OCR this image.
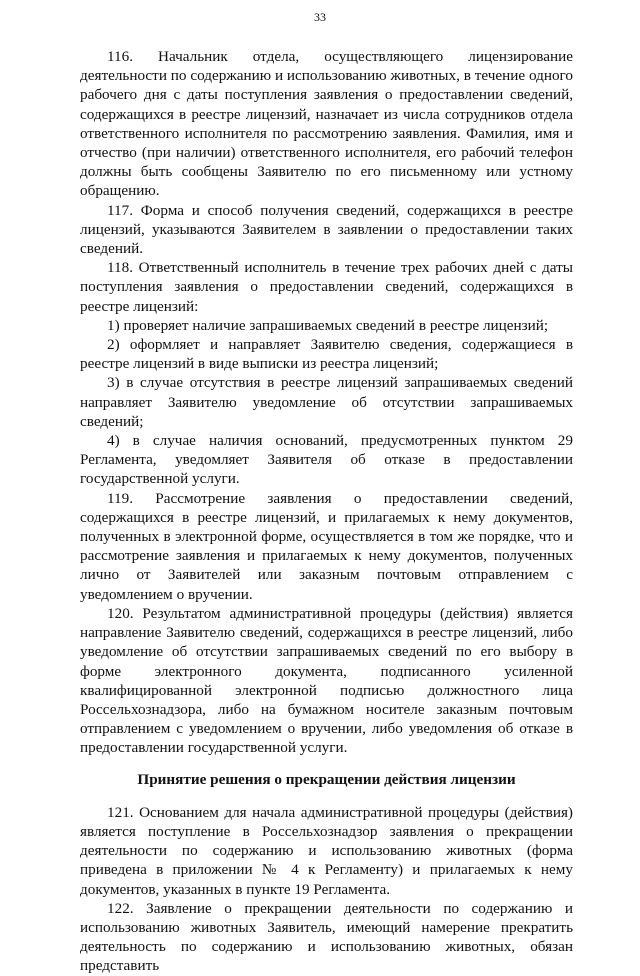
33

116. Начальник отдела, осуществляющего лицензирование деятельности по содержанию и использованию животных, в течение одного рабочего дня с даты поступления заявления о предоставлении сведений, содержащихся в реестре лицензий, назначает из числа сотрудников отдела ответственного исполнителя по рассмотрению заявления. Фамилия, имя и отчество (при наличии) ответственного исполнителя, его рабочий телефон должны быть сообщены Заявителю по его письменному или устному обращению.

117. Форма и способ получения сведений, содержащихся в реестре лицензий, указываются Заявителем в заявлении о предоставлении таких сведений.

118. Ответственный исполнитель в течение трех рабочих дней с даты поступления заявления о предоставлении сведений, содержащихся в реестре лицензий:

1) проверяет наличие запрашиваемых сведений в реестре лицензий;

2) оформляет и направляет Заявителю сведения, содержащиеся в реестре лицензий в виде выписки из реестра лицензий;

3) в случае отсутствия в реестре лицензий запрашиваемых сведений направляет Заявителю уведомление об отсутствии запрашиваемых сведений;

4) в случае наличия оснований, предусмотренных пунктом 29 Регламента, уведомляет Заявителя об отказе в предоставлении государственной услуги.

119. Рассмотрение заявления о предоставлении сведений, содержащихся в реестре лицензий, и прилагаемых к нему документов, полученных в электронной форме, осуществляется в том же порядке, что и рассмотрение заявления и прилагаемых к нему документов, полученных лично от Заявителей или заказным почтовым отправлением с уведомлением о вручении.

120. Результатом административной процедуры (действия) является направление Заявителю сведений, содержащихся в реестре лицензий, либо уведомление об отсутствии запрашиваемых сведений по его выбору в форме электронного документа, подписанного усиленной квалифицированной электронной подписью должностного лица Россельхознадзора, либо на бумажном носителе заказным почтовым отправлением с уведомлением о вручении, либо уведомления об отказе в предоставлении государственной услуги.

Принятие решения о прекращении действия лицензии

121. Основанием для начала административной процедуры (действия) является поступление в Россельхознадзор заявления о прекращении деятельности по содержанию и использованию животных (форма приведена в приложении № 4 к Регламенту) и прилагаемых к нему документов, указанных в пункте 19 Регламента.

122. Заявление о прекращении деятельности по содержанию и использованию животных Заявитель, имеющий намерение прекратить деятельность по содержанию и использованию животных, обязан представить
